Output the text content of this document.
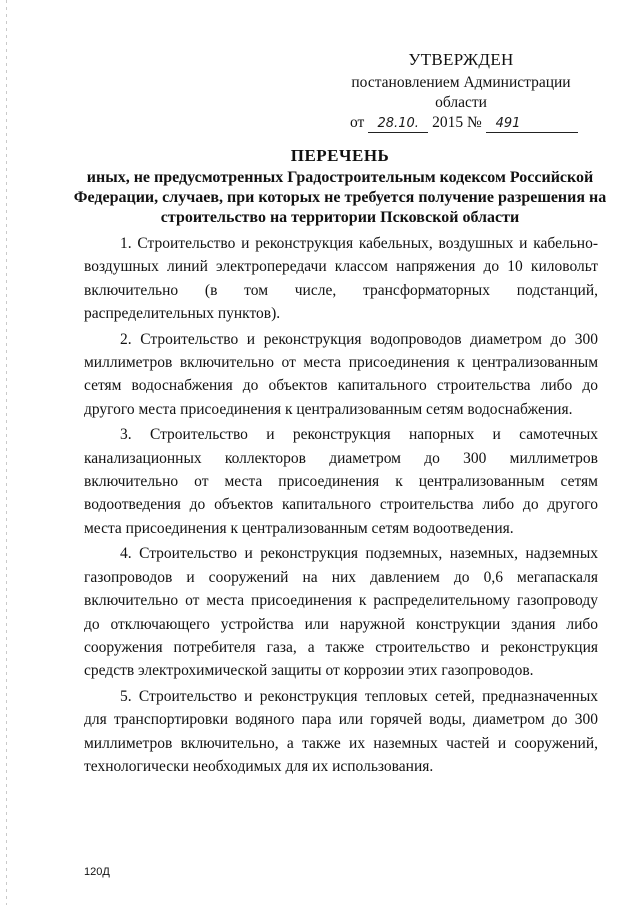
УТВЕРЖДЕН
постановлением Администрации области
от 28.10. 2015 № 491
ПЕРЕЧЕНЬ
иных, не предусмотренных Градостроительным кодексом Российской Федерации, случаев, при которых не требуется получение разрешения на строительство на территории Псковской области

1. Строительство и реконструкция кабельных, воздушных и кабельно-воздушных линий электропередачи классом напряжения до 10 киловольт включительно (в том числе, трансформаторных подстанций, распределительных пунктов).

2. Строительство и реконструкция водопроводов диаметром до 300 миллиметров включительно от места присоединения к централизованным сетям водоснабжения до объектов капитального строительства либо до другого места присоединения к централизованным сетям водоснабжения.

3. Строительство и реконструкция напорных и самотечных канализационных коллекторов диаметром до 300 миллиметров включительно от места присоединения к централизованным сетям водоотведения до объектов капитального строительства либо до другого места присоединения к централизованным сетям водоотведения.

4. Строительство и реконструкция подземных, наземных, надземных газопроводов и сооружений на них давлением до 0,6 мегапаскаля включительно от места присоединения к распределительному газопроводу до отключающего устройства или наружной конструкции здания либо сооружения потребителя газа, а также строительство и реконструкция средств электрохимической защиты от коррозии этих газопроводов.

5. Строительство и реконструкция тепловых сетей, предназначенных для транспортировки водяного пара или горячей воды, диаметром до 300 миллиметров включительно, а также их наземных частей и сооружений, технологически необходимых для их использования.

120Д
